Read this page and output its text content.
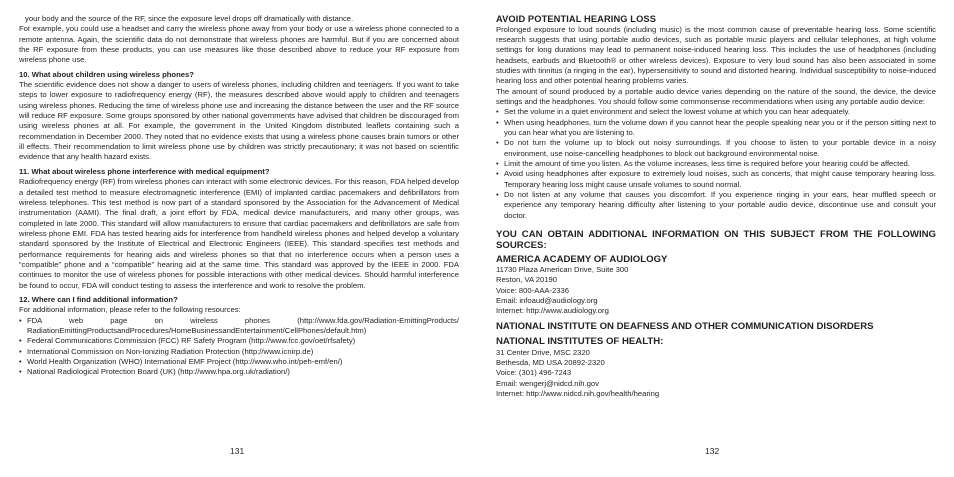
your body and the source of the RF, since the exposure level drops off dramatically with distance.

For example, you could use a headset and carry the wireless phone away from your body or use a wireless phone connected to a remote antenna. Again, the scientific data do not demonstrate that wireless phones are harmful. But if you are concerned about the RF exposure from these products, you can use measures like those described above to reduce your RF exposure from wireless phone use.

10. What about children using wireless phones?

The scientific evidence does not show a danger to users of wireless phones, including children and teenagers. If you want to take steps to lower exposure to radiofrequency energy (RF), the measures described above would apply to children and teenagers using wireless phones. Reducing the time of wireless phone use and increasing the distance between the user and the RF source will reduce RF exposure. Some groups sponsored by other national governments have advised that children be discouraged from using wireless phones at all. For example, the government in the United Kingdom distributed leaflets containing such a recommendation in December 2000. They noted that no evidence exists that using a wireless phone causes brain tumors or other ill effects. Their recommendation to limit wireless phone use by children was strictly precautionary; it was not based on scientific evidence that any health hazard exists.

11. What about wireless phone interference with medical equipment?

Radiofrequency energy (RF) from wireless phones can interact with some electronic devices. For this reason, FDA helped develop a detailed test method to measure electromagnetic interference (EMI) of implanted cardiac pacemakers and defibrillators from wireless telephones. This test method is now part of a standard sponsored by the Association for the Advancement of Medical instrumentation (AAMI). The final draft, a joint effort by FDA, medical device manufacturers, and many other groups, was completed in late 2000. This standard will allow manufacturers to ensure that cardiac pacemakers and defibrillators are safe from wireless phone EMI. FDA has tested hearing aids for interference from handheld wireless phones and helped develop a voluntary standard sponsored by the Institute of Electrical and Electronic Engineers (IEEE). This standard specifies test methods and performance requirements for hearing aids and wireless phones so that that no interference occurs when a person uses a “compatible” phone and a “compatible” hearing aid at the same time. This standard was approved by the IEEE in 2000. FDA continues to monitor the use of wireless phones for possible interactions with other medical devices. Should harmful interference be found to occur, FDA will conduct testing to assess the interference and work to resolve the problem.

12. Where can I find additional information?

For additional information, please refer to the following resources:

• FDA web page on wireless phones (http://www.fda.gov/Radiation-EmittingProducts/ RadiationEmittingProductsandProcedures/HomeBusinessandEntertainment/CellPhones/default.htm)
• Federal Communications Commission (FCC) RF Safety Program (http://www.fcc.gov/oet/rfsafety)
• International Commission on Non-Ionizing Radiation Protection (http://www.icnirp.de)
• World Health Organization (WHO) International EMF Project (http://www.who.int/peh-emf/en/)
• National Radiological Protection Board (UK) (http://www.hpa.org.uk/radiation/)

AVOID POTENTIAL HEARING LOSS

Prolonged exposure to loud sounds (including music) is the most common cause of preventable hearing loss. Some scientific research suggests that using portable audio devices, such as portable music players and cellular telephones, at high volume settings for long durations may lead to permanent noise-induced hearing loss. This includes the use of headphones (including headsets, earbuds and Bluetooth® or other wireless devices). Exposure to very loud sound has also been associated in some studies with tinnitus (a ringing in the ear), hypersensitivity to sound and distorted hearing. Individual susceptibility to noise-induced hearing loss and other potential hearing problems varies.

The amount of sound produced by a portable audio device varies depending on the nature of the sound, the device, the device settings and the headphones. You should follow some commonsense recommendations when using any portable audio device:

• Set the volume in a quiet environment and select the lowest volume at which you can hear adequately.
• When using headphones, turn the volume down if you cannot hear the people speaking near you or if the person sitting next to you can hear what you are listening to.
• Do not turn the volume up to block out noisy surroundings. If you choose to listen to your portable device in a noisy environment, use noise-cancelling headphones to block out background environmental noise.
• Limit the amount of time you listen. As the volume increases, less time is required before your hearing could be affected.
• Avoid using headphones after exposure to extremely loud noises, such as concerts, that might cause temporary hearing loss. Temporary hearing loss might cause unsafe volumes to sound normal.
• Do not listen at any volume that causes you discomfort. If you experience ringing in your ears, hear muffled speech or experience any temporary hearing difficulty after listening to your portable audio device, discontinue use and consult your doctor.

YOU CAN OBTAIN ADDITIONAL INFORMATION ON THIS SUBJECT FROM THE FOLLOWING SOURCES:

AMERICA ACADEMY OF AUDIOLOGY

11730 Plaza American Drive, Suite 300

Reston, VA 20190

Voice: 800-AAA-2336

Email: infoaud@audiology.org

Internet: http://www.audiology.org

NATIONAL INSTITUTE ON DEAFNESS AND OTHER COMMUNICATION DISORDERS

NATIONAL INSTITUTES OF HEALTH:

31 Center Drive, MSC 2320

Bethesda, MD USA 20892-2320

Voice: (301) 496-7243

Email: wengerj@nidcd.nih.gov

Internet: http://www.nidcd.nih.gov/health/hearing

131	132
